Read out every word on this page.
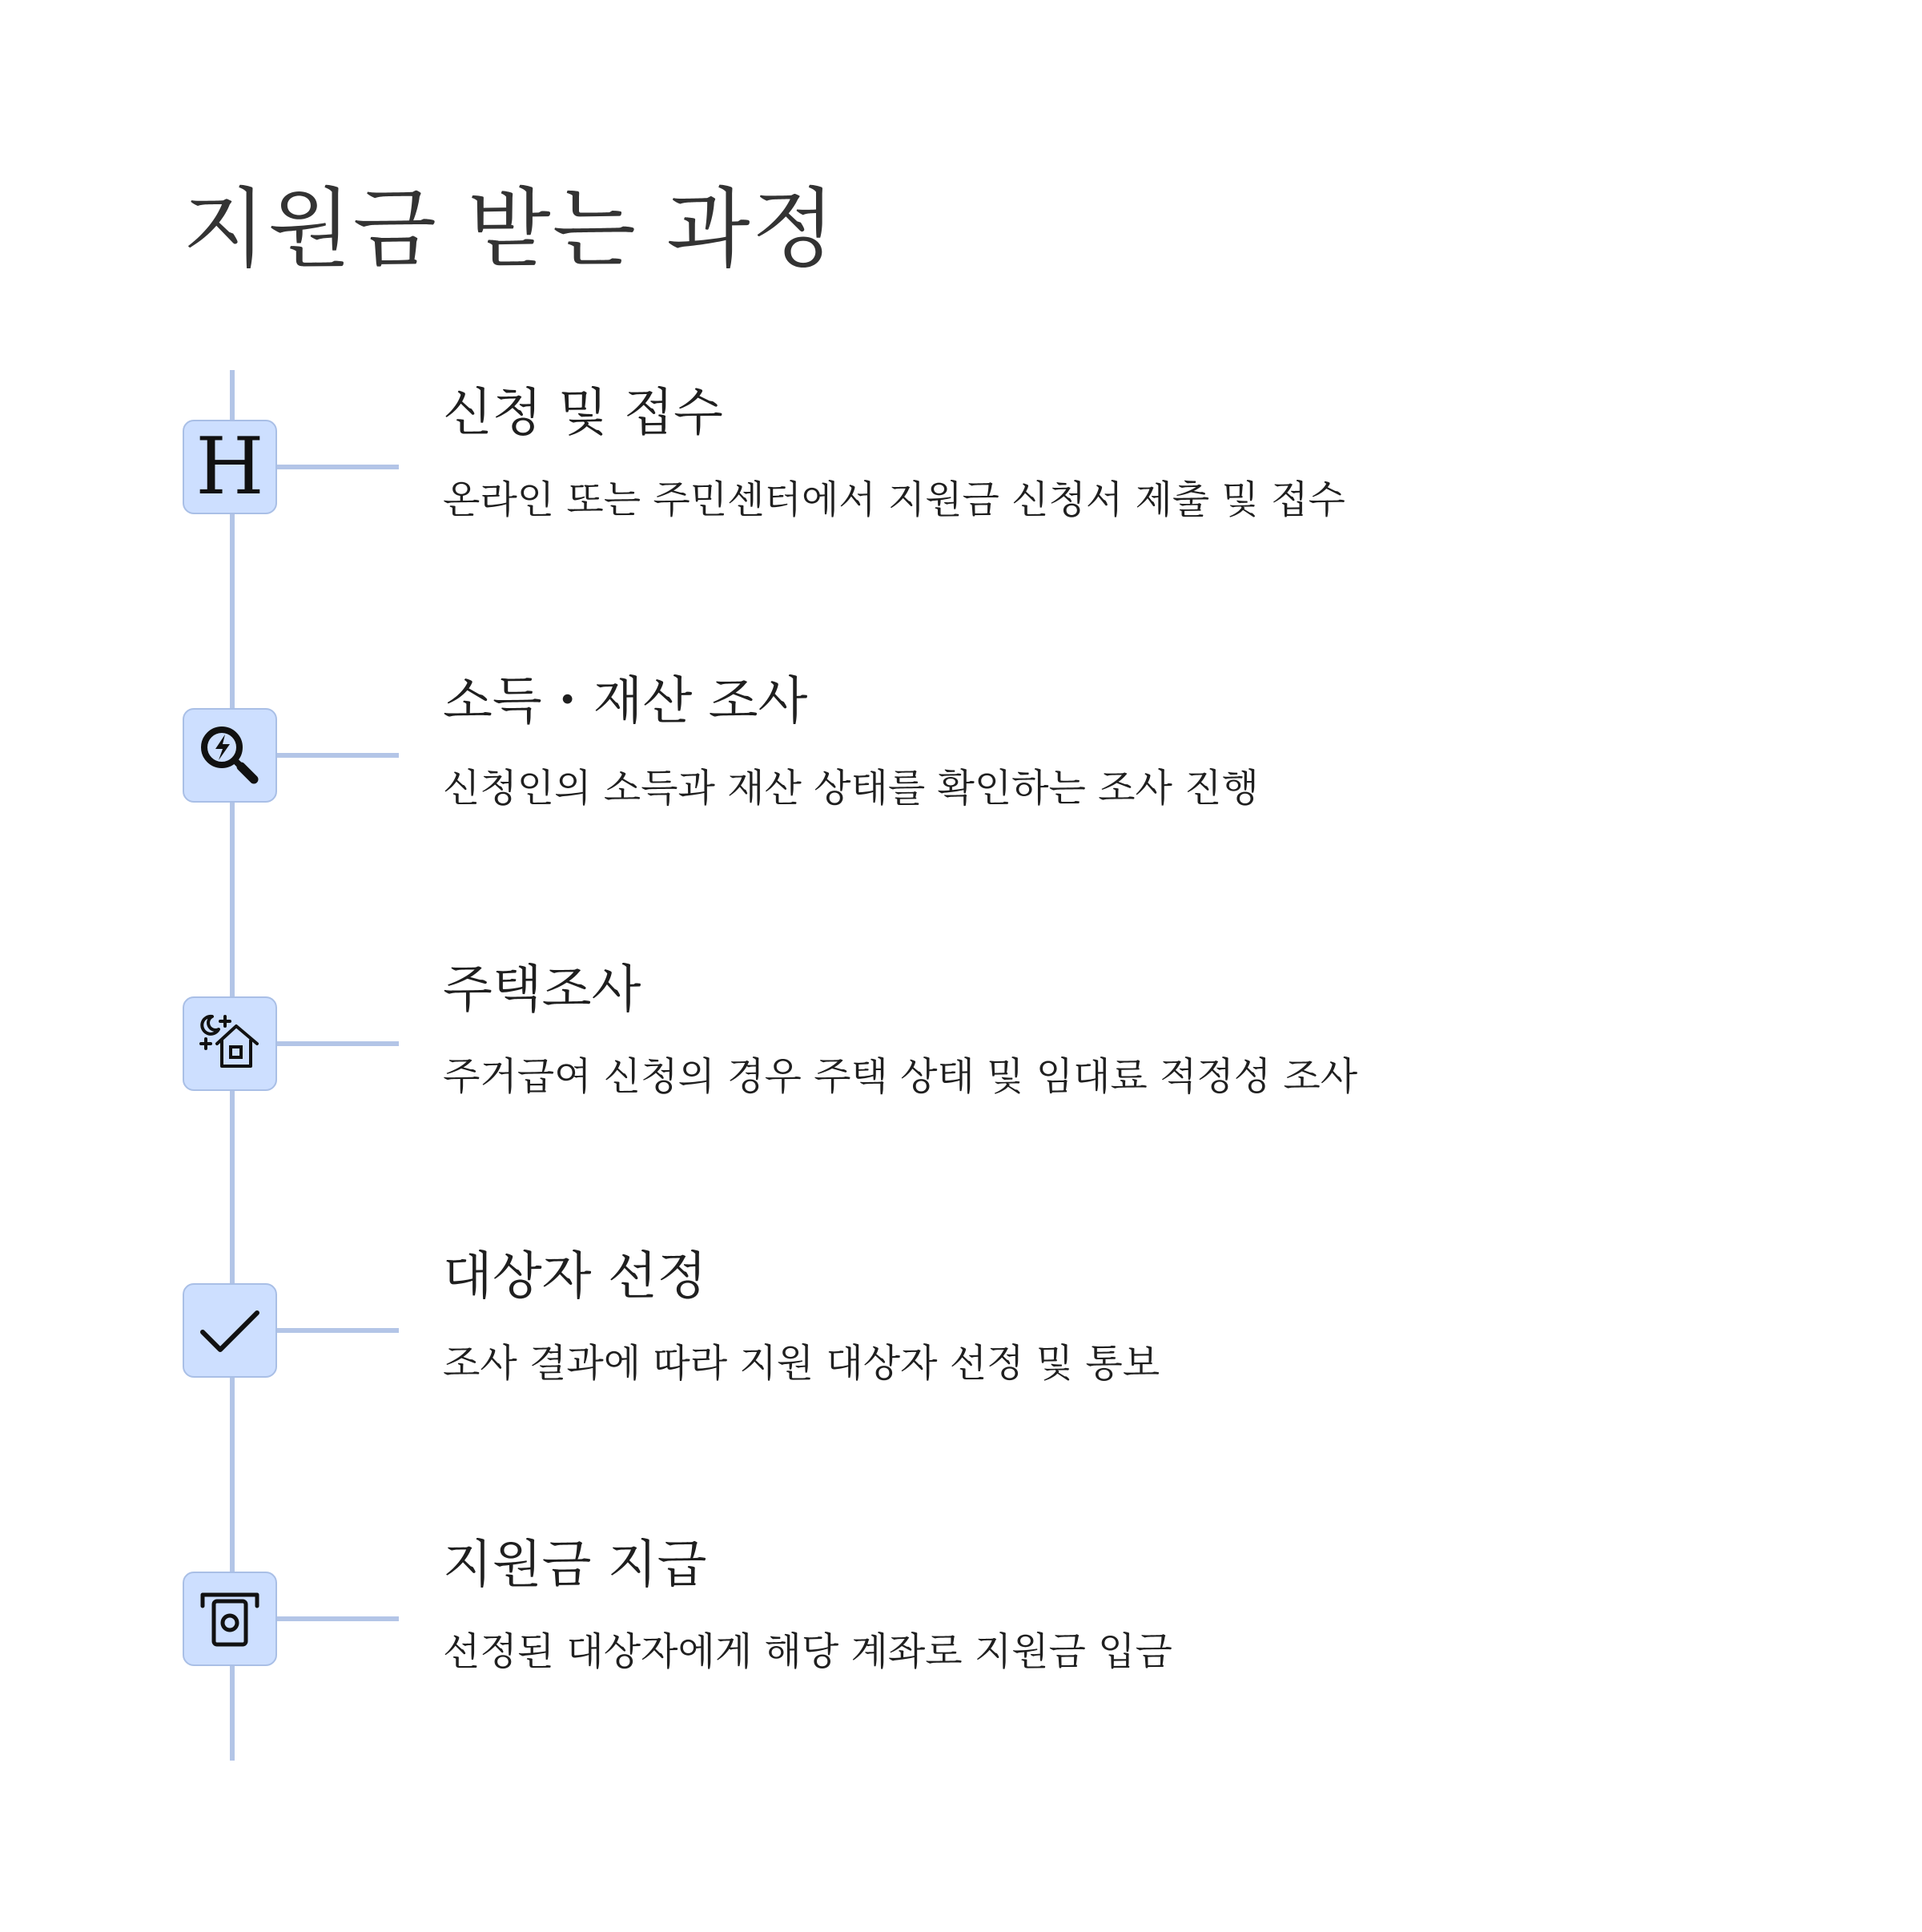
지원금 받는 과정
H
신청 및 접수
온라인 또는 주민센터에서 지원금 신청서 제출 및 접수
소득・재산 조사
신청인의 소득과 재산 상태를 확인하는 조사 진행
주택조사
주거급여 신청의 경우 주택 상태 및 임대료 적정성 조사
대상자 선정
조사 결과에 따라 지원 대상자 선정 및 통보
지원금 지급
선정된 대상자에게 해당 계좌로 지원금 입금
